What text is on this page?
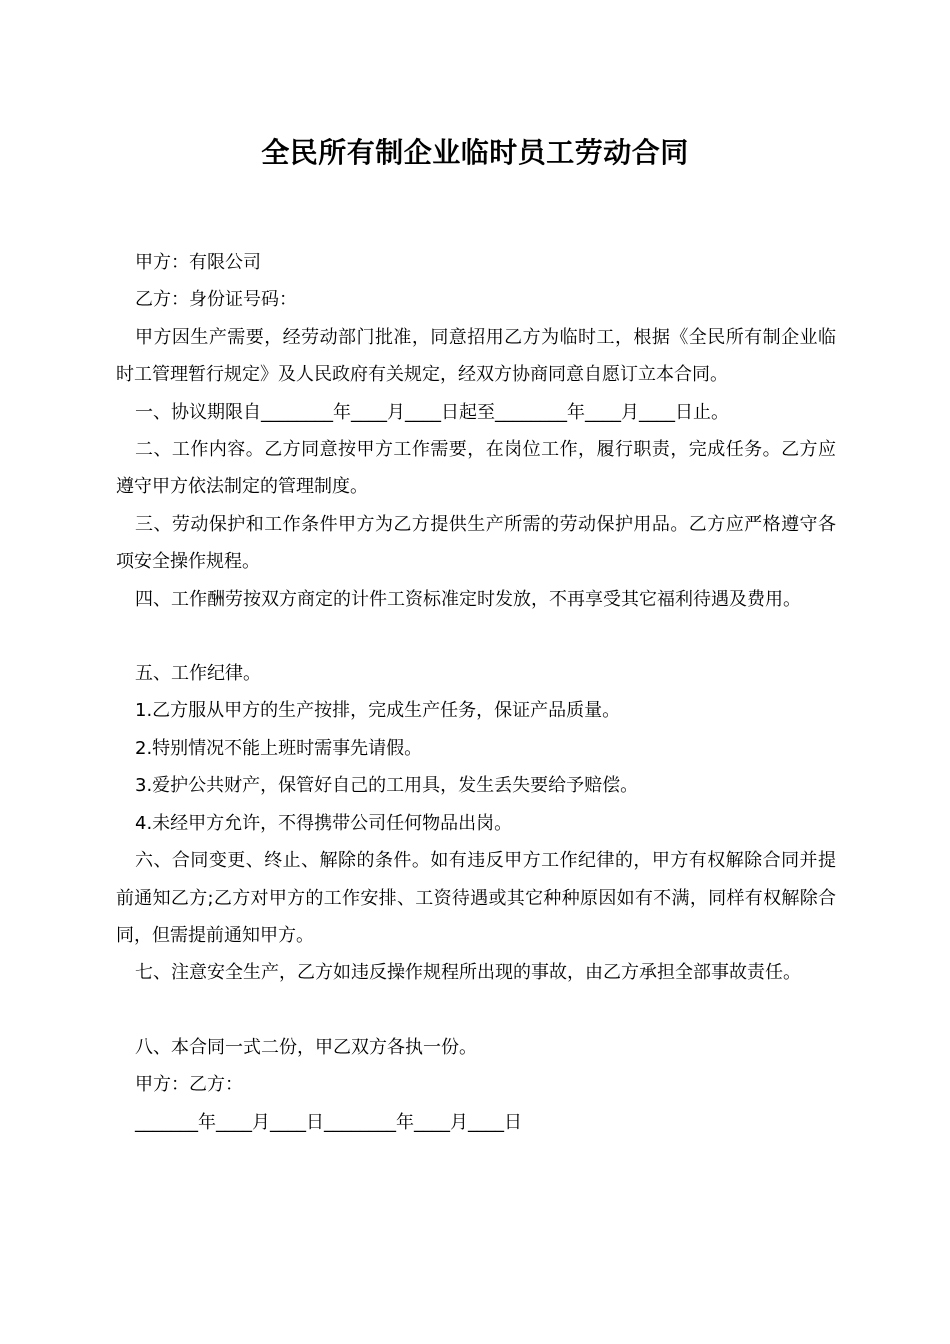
全民所有制企业临时员工劳动合同

甲方：有限公司

乙方：身份证号码：

甲方因生产需要，经劳动部门批准，同意招用乙方为临时工，根据《全民所有制企业临时工管理暂行规定》及人民政府有关规定，经双方协商同意自愿订立本合同。

一、协议期限自________年____月____日起至________年____月____日止。

二、工作内容。乙方同意按甲方工作需要，在岗位工作，履行职责，完成任务。乙方应遵守甲方依法制定的管理制度。

三、劳动保护和工作条件甲方为乙方提供生产所需的劳动保护用品。乙方应严格遵守各项安全操作规程。

四、工作酬劳按双方商定的计件工资标准定时发放，不再享受其它福利待遇及费用。

五、工作纪律。

1.乙方服从甲方的生产按排，完成生产任务，保证产品质量。

2.特别情况不能上班时需事先请假。

3.爱护公共财产，保管好自己的工用具，发生丢失要给予赔偿。

4.未经甲方允许，不得携带公司任何物品出岗。

六、合同变更、终止、解除的条件。如有违反甲方工作纪律的，甲方有权解除合同并提前通知乙方;乙方对甲方的工作安排、工资待遇或其它种种原因如有不满，同样有权解除合同，但需提前通知甲方。

七、注意安全生产，乙方如违反操作规程所出现的事故，由乙方承担全部事故责任。

八、本合同一式二份，甲乙双方各执一份。

甲方：乙方：

_______年____月____日________年____月____日
